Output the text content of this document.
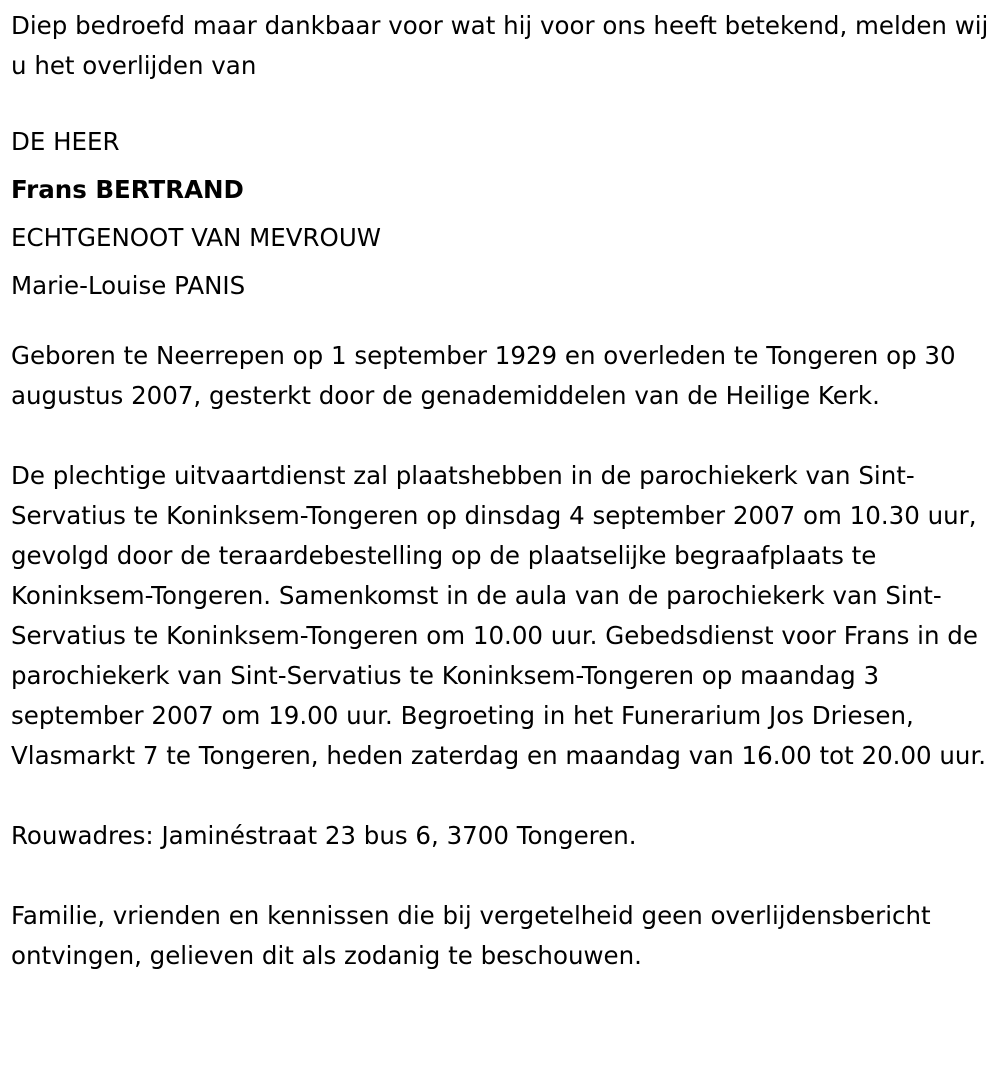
Diep bedroefd maar dankbaar voor wat hij voor ons heeft betekend, melden wij u het overlijden van

DE HEER
Frans BERTRAND
ECHTGENOOT VAN MEVROUW
Marie-Louise PANIS

Geboren te Neerrepen op 1 september 1929 en overleden te Tongeren op 30 augustus 2007, gesterkt door de genademiddelen van de Heilige Kerk.

De plechtige uitvaartdienst zal plaatshebben in de parochiekerk van Sint-Servatius te Koninksem-Tongeren op dinsdag 4 september 2007 om 10.30 uur, gevolgd door de teraardebestelling op de plaatselijke begraafplaats te Koninksem-Tongeren. Samenkomst in de aula van de parochiekerk van Sint-Servatius te Koninksem-Tongeren om 10.00 uur. Gebedsdienst voor Frans in de parochiekerk van Sint-Servatius te Koninksem-Tongeren op maandag 3 september 2007 om 19.00 uur. Begroeting in het Funerarium Jos Driesen, Vlasmarkt 7 te Tongeren, heden zaterdag en maandag van 16.00 tot 20.00 uur.

Rouwadres: Jaminéstraat 23 bus 6, 3700 Tongeren.

Familie, vrienden en kennissen die bij vergetelheid geen overlijdensbericht ontvingen, gelieven dit als zodanig te beschouwen.
